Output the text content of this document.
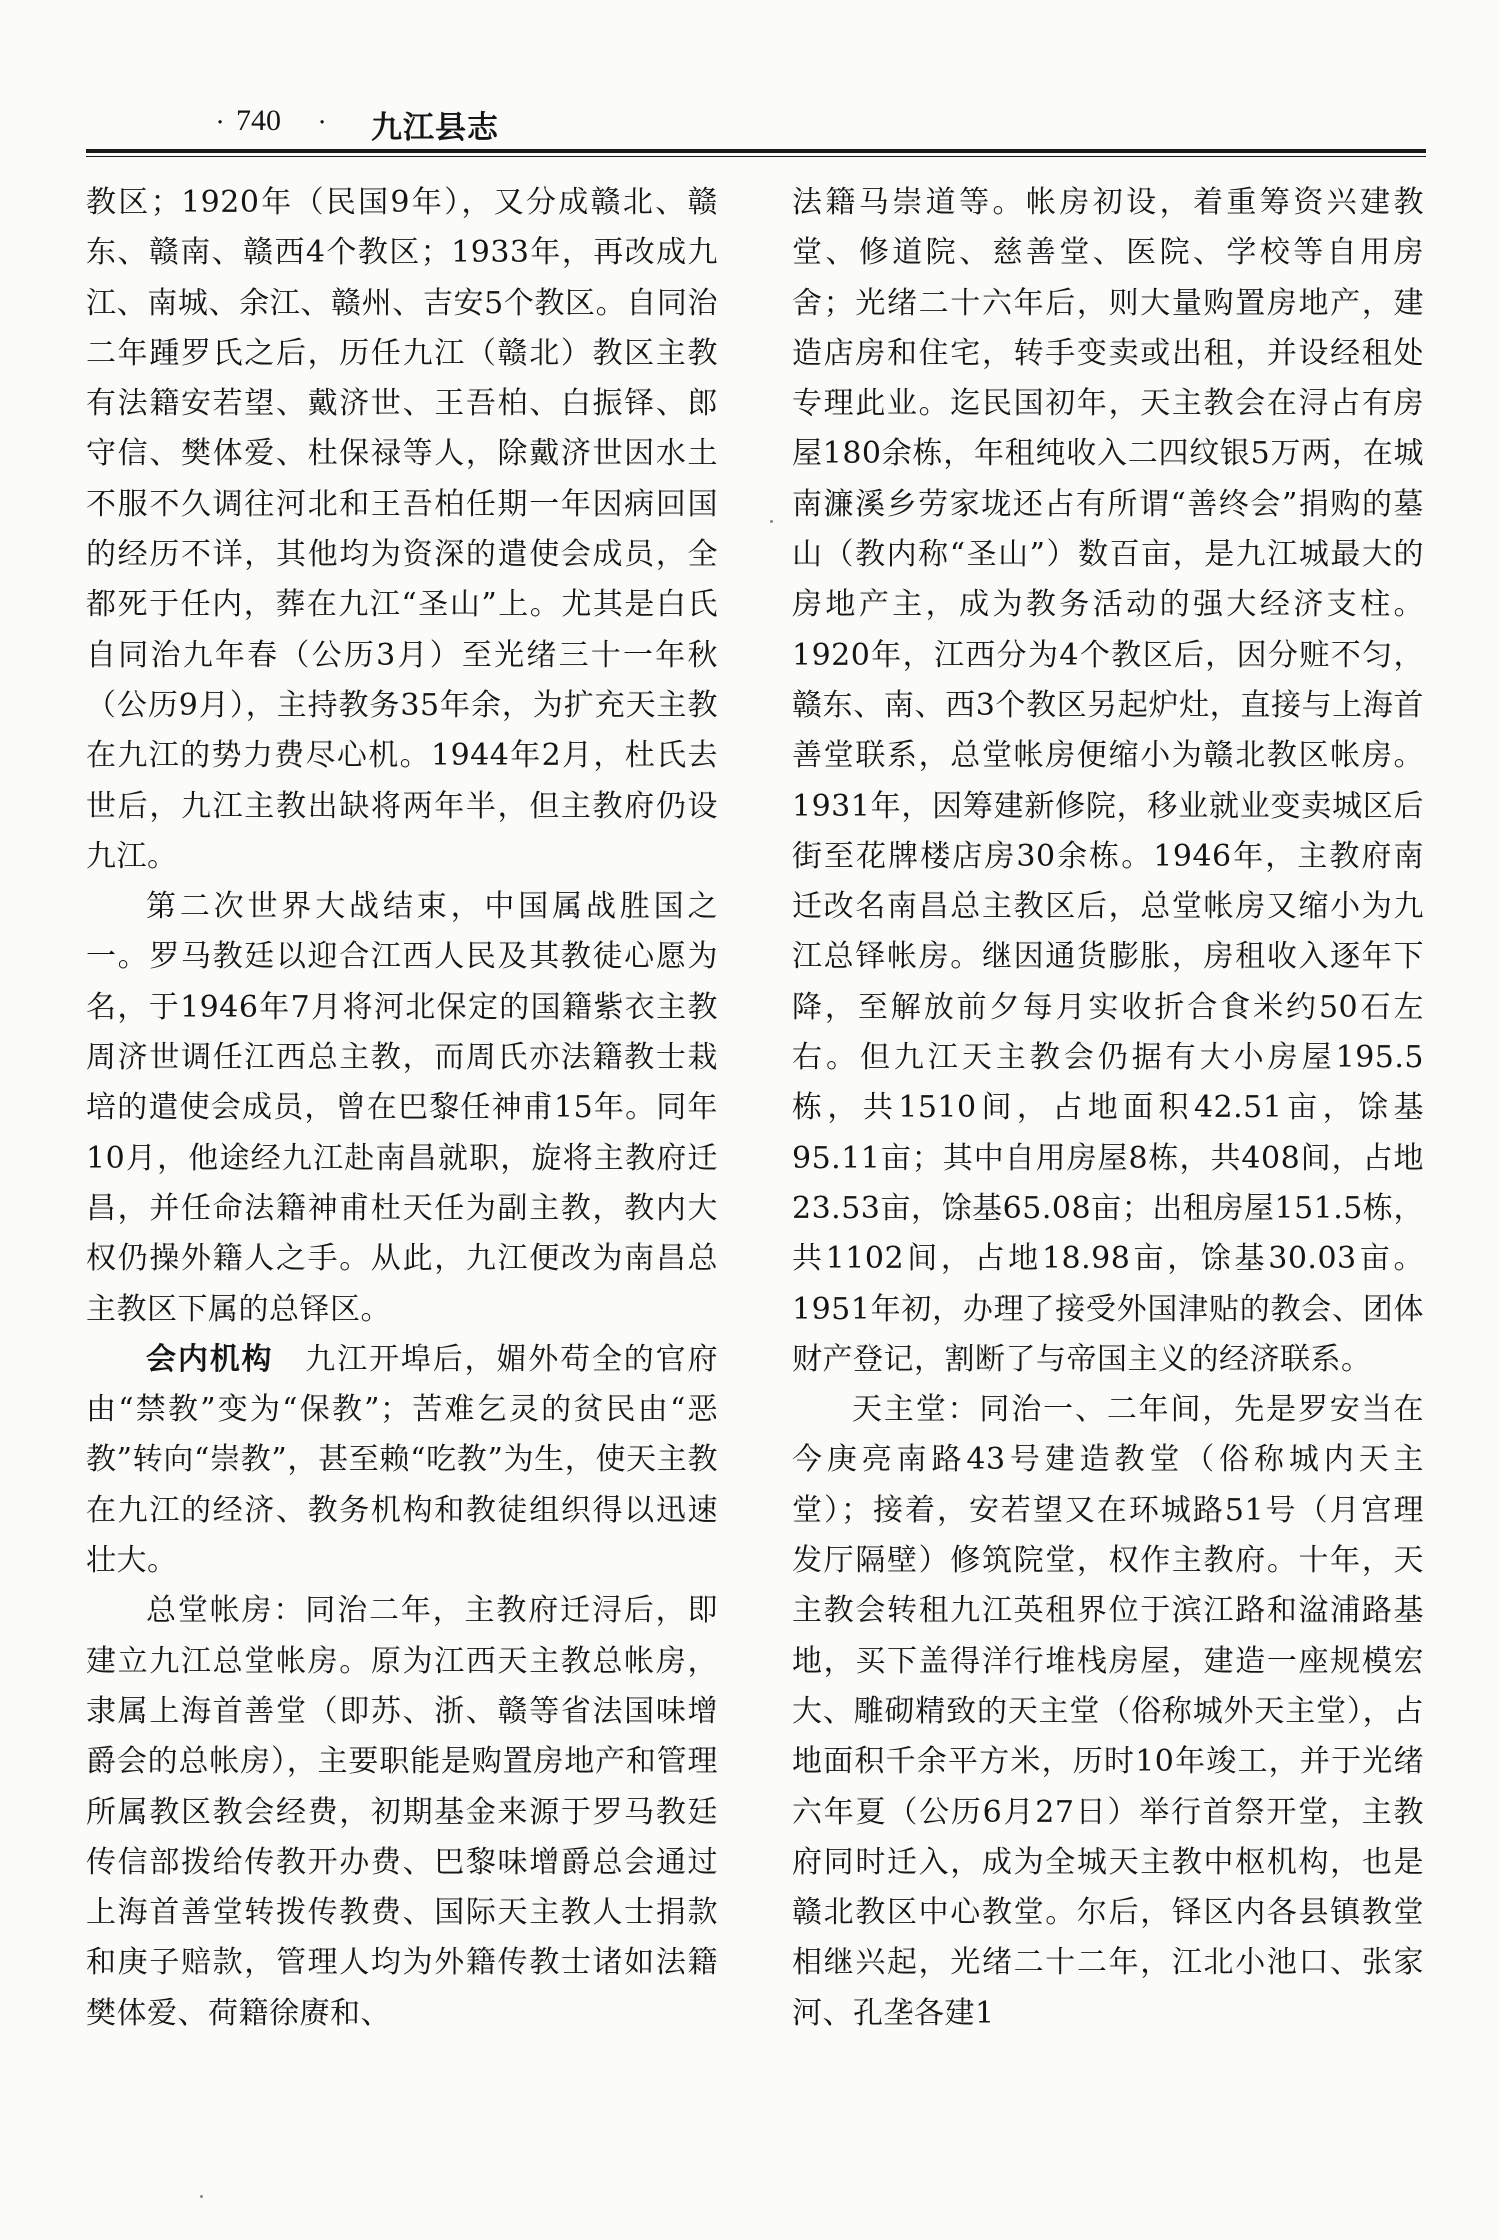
· 740 · 九江县志

教区；1920年（民国9年），又分成赣北、赣东、赣南、赣西4个教区；1933年，再改成九江、南城、余江、赣州、吉安5个教区。自同治二年踵罗氏之后，历任九江（赣北）教区主教有法籍安若望、戴济世、王吾柏、白振铎、郎守信、樊体爱、杜保禄等人，除戴济世因水土不服不久调往河北和王吾柏任期一年因病回国的经历不详，其他均为资深的遣使会成员，全都死于任内，葬在九江“圣山”上。尤其是白氏自同治九年春（公历3月）至光绪三十一年秋（公历9月），主持教务35年余，为扩充天主教在九江的势力费尽心机。1944年2月，杜氏去世后，九江主教出缺将两年半，但主教府仍设九江。

第二次世界大战结束，中国属战胜国之一。罗马教廷以迎合江西人民及其教徒心愿为名，于1946年7月将河北保定的国籍紫衣主教周济世调任江西总主教，而周氏亦法籍教士栽培的遣使会成员，曾在巴黎任神甫15年。同年10月，他途经九江赴南昌就职，旋将主教府迁昌，并任命法籍神甫杜天任为副主教，教内大权仍操外籍人之手。从此，九江便改为南昌总主教区下属的总铎区。

会内机构　 九江开埠后，媚外苟全的官府由“禁教”变为“保教”；苦难乞灵的贫民由“恶教”转向“崇教”，甚至赖“吃教”为生，使天主教在九江的经济、教务机构和教徒组织得以迅速壮大。

总堂帐房：同治二年，主教府迁浔后，即建立九江总堂帐房。原为江西天主教总帐房，隶属上海首善堂（即苏、浙、赣等省法国味增爵会的总帐房），主要职能是购置房地产和管理所属教区教会经费，初期基金来源于罗马教廷传信部拨给传教开办费、巴黎味增爵总会通过上海首善堂转拨传教费、国际天主教人士捐款和庚子赔款，管理人均为外籍传教士诸如法籍樊体爱、荷籍徐赓和、

法籍马崇道等。帐房初设，着重筹资兴建教堂、修道院、慈善堂、医院、学校等自用房舍；光绪二十六年后，则大量购置房地产，建造店房和住宅，转手变卖或出租，并设经租处专理此业。迄民国初年，天主教会在浔占有房屋180余栋，年租纯收入二四纹银5万两，在城南濂溪乡劳家垅还占有所谓“善终会”捐购的墓山（教内称“圣山”）数百亩，是九江城最大的房地产主，成为教务活动的强大经济支柱。1920年，江西分为4个教区后，因分赃不匀，赣东、南、西3个教区另起炉灶，直接与上海首善堂联系，总堂帐房便缩小为赣北教区帐房。1931年，因筹建新修院，移业就业变卖城区后街至花牌楼店房30余栋。1946年，主教府南迁改名南昌总主教区后，总堂帐房又缩小为九江总铎帐房。继因通货膨胀，房租收入逐年下降，至解放前夕每月实收折合食米约50石左右。但九江天主教会仍据有大小房屋195.5栋，共1510间，占地面积42.51亩，馀基95.11亩；其中自用房屋8栋，共408间，占地23.53亩，馀基65.08亩；出租房屋151.5栋，共1102间，占地18.98亩，馀基30.03亩。1951年初，办理了接受外国津贴的教会、团体财产登记，割断了与帝国主义的经济联系。

天主堂：同治一、二年间，先是罗安当在今庚亮南路43号建造教堂（俗称城内天主堂）；接着，安若望又在环城路51号（月宫理发厅隔壁）修筑院堂，权作主教府。十年，天主教会转租九江英租界位于滨江路和湓浦路基地，买下盖得洋行堆栈房屋，建造一座规模宏大、雕砌精致的天主堂（俗称城外天主堂），占地面积千余平方米，历时10年竣工，并于光绪六年夏（公历6月27日）举行首祭开堂，主教府同时迁入，成为全城天主教中枢机构，也是赣北教区中心教堂。尔后，铎区内各县镇教堂相继兴起，光绪二十二年，江北小池口、张家河、孔垄各建1
